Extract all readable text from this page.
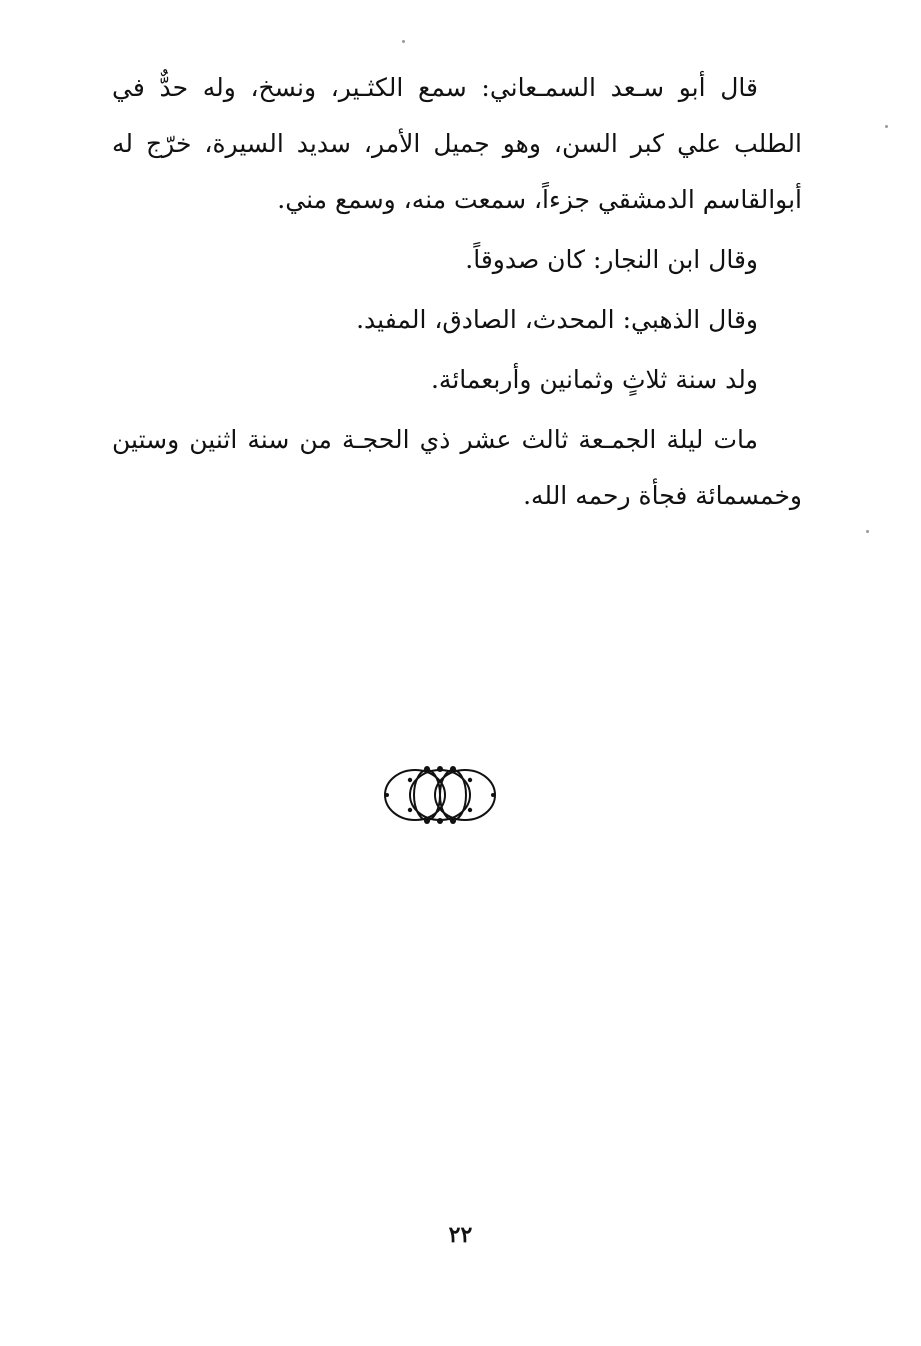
قال أبو سـعد السمـعاني: سمع الكثـير، ونسخ، وله حدٌّ في الطلب علي كبر السن، وهو جميل الأمر، سديد السيرة، خرّج له أبوالقاسم الدمشقي جزءاً، سمعت منه، وسمع مني.

وقال ابن النجار: كان صدوقاً.

وقال الذهبي: المحدث، الصادق، المفيد.

ولد سنة ثلاثٍ وثمانين وأربعمائة.

مات ليلة الجمـعة ثالث عشر ذي الحجـة من سنة اثنين وستين وخمسمائة فجأة رحمه الله.

٢٢
